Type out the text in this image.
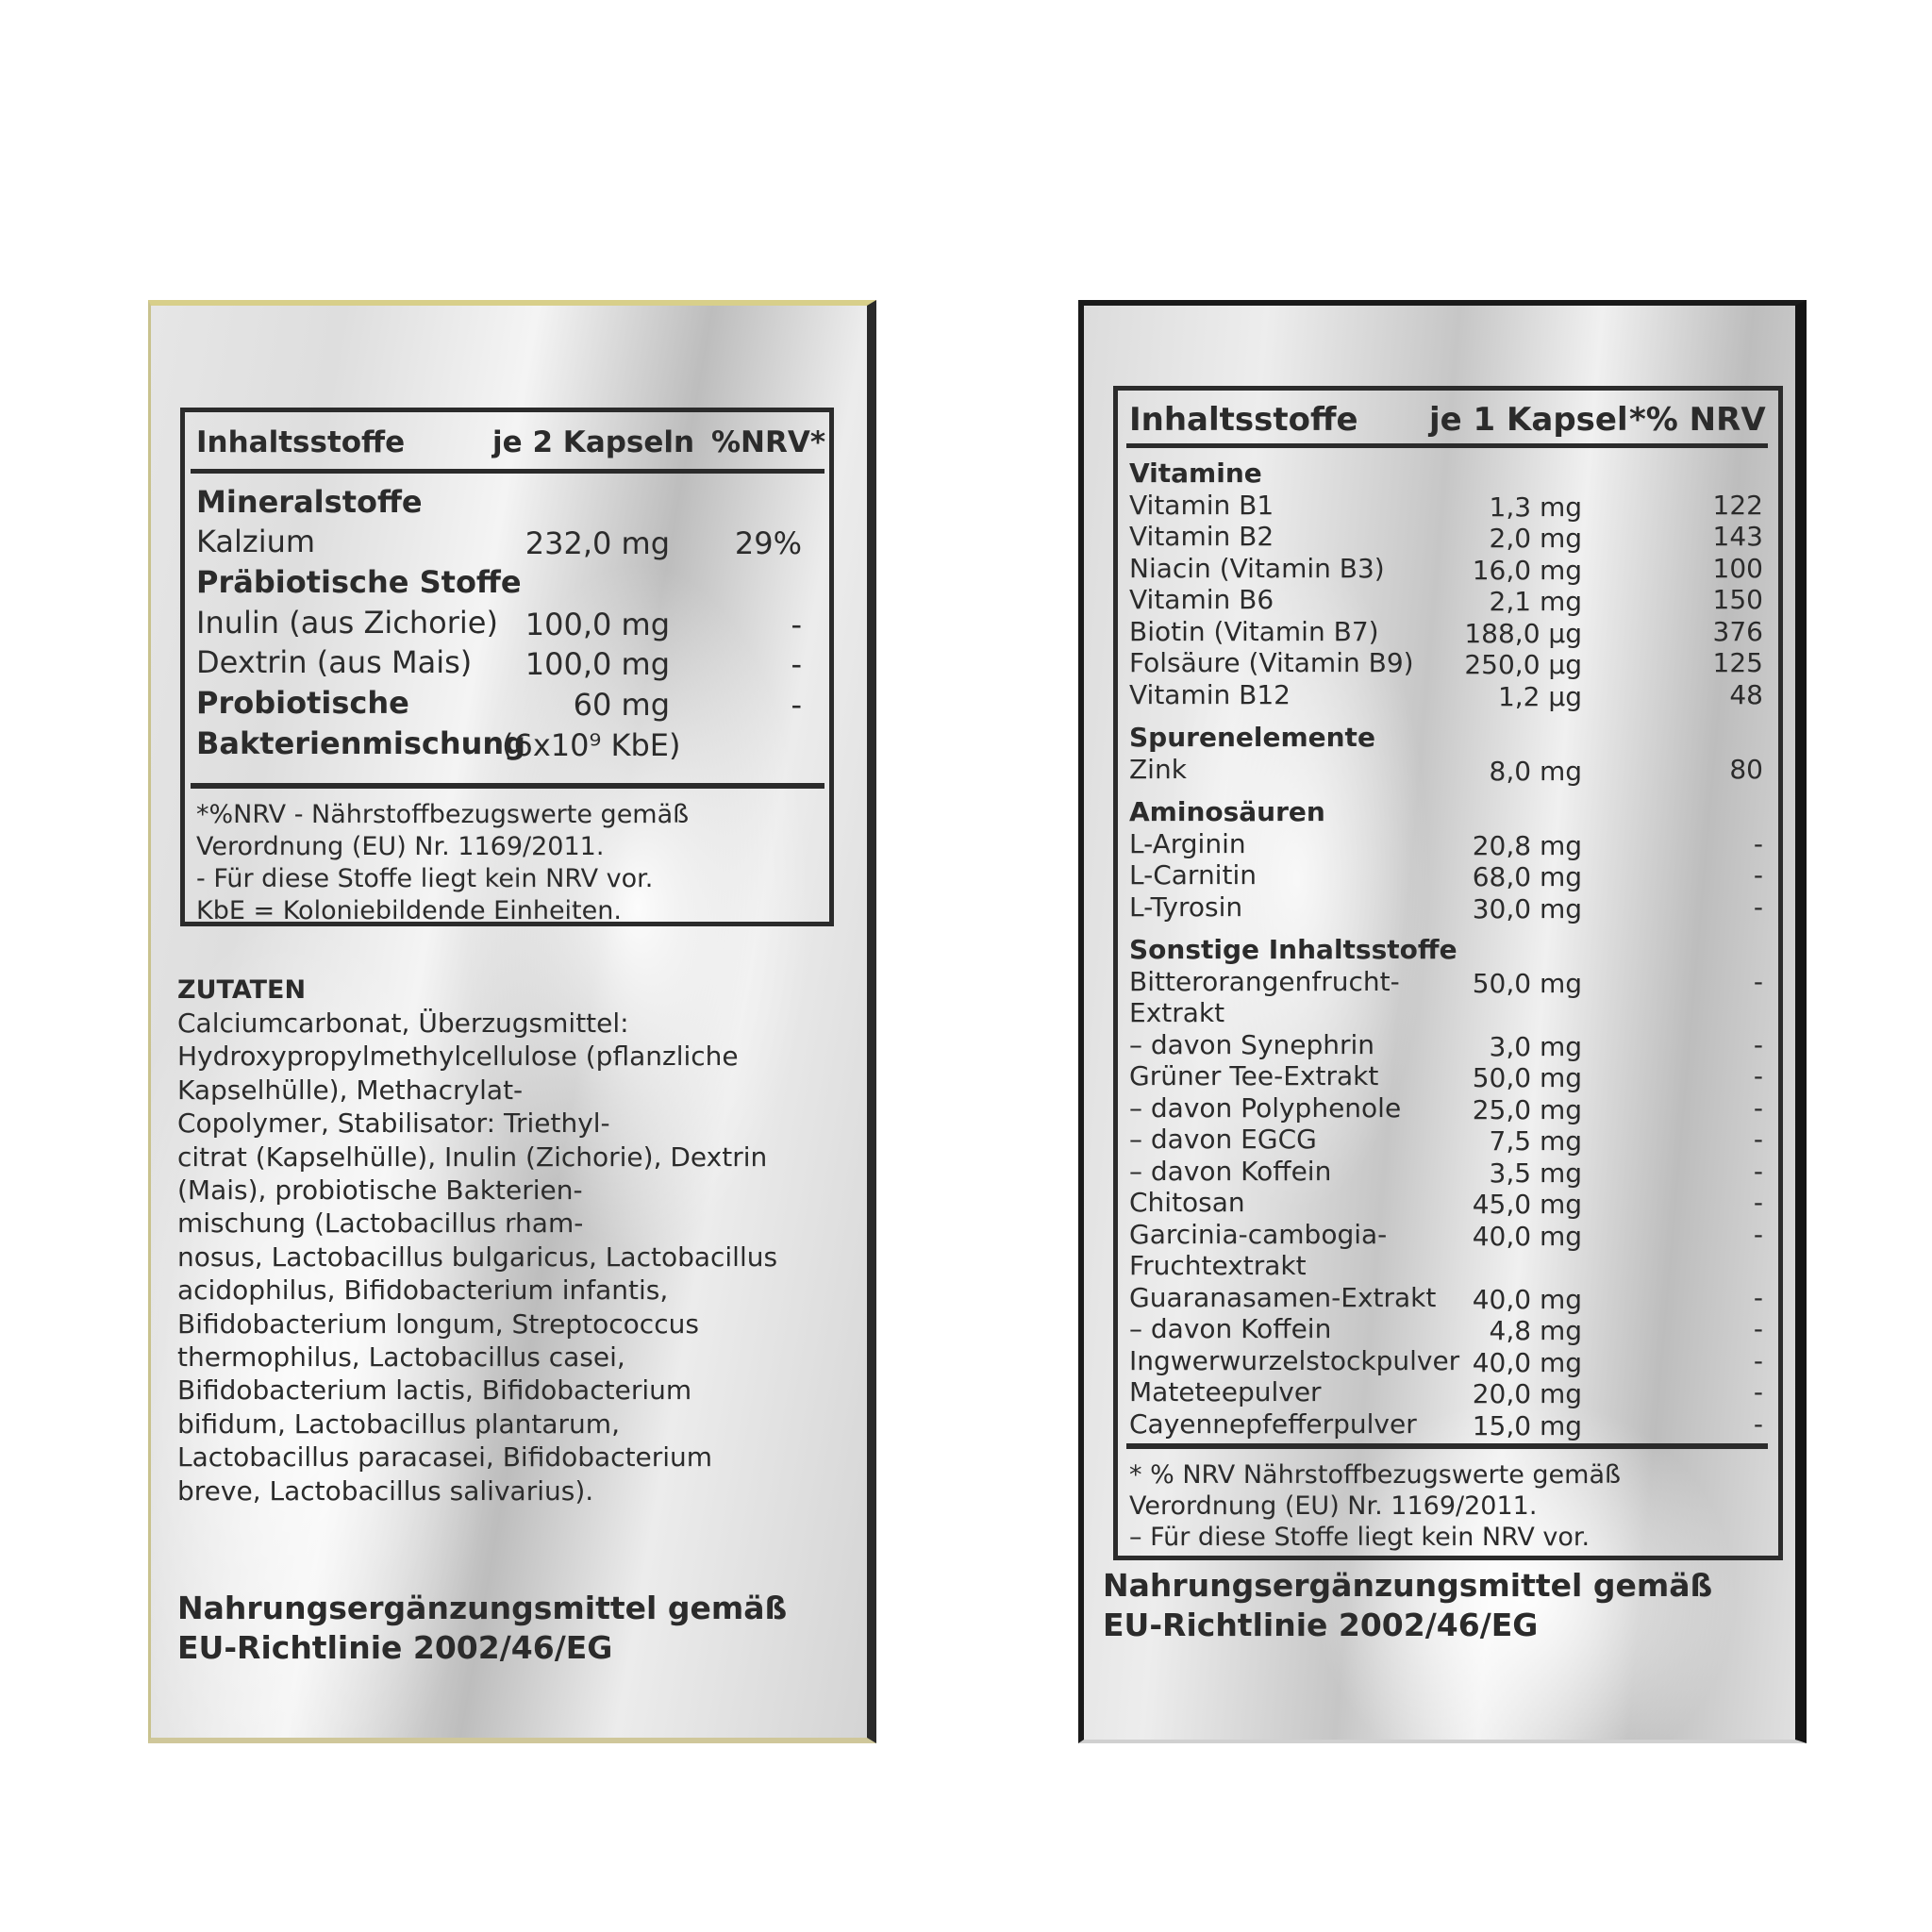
Inhaltsstoffe	je 2 Kapseln %NRV*
Mineralstoffe
Kalzium	232,0 mg	29%
Präbiotische Stoffe
Inulin (aus Zichorie) 100,0 mg	-
Dextrin (aus Mais)	100,0 mg	-
Probiotische	60 mg	-
Bakterienmischung
(6x10⁹ KbE)
*%NRV - Nährstoffbezugswerte gemäß
Verordnung (EU) Nr. 1169/2011.
- Für diese Stoffe liegt kein NRV vor.
KbE = Koloniebildende Einheiten.
ZUTATEN
Calciumcarbonat, Überzugsmittel:
Hydroxypropylmethylcellulose (pflanzliche
Kapselhülle), Methacrylat-
Copolymer, Stabilisator: Triethyl-
citrat (Kapselhülle), Inulin (Zichorie), Dextrin
(Mais), probiotische Bakterien-
mischung (Lactobacillus rham-
nosus, Lactobacillus bulgaricus, Lactobacillus
acidophilus, Bifidobacterium infantis,
Bifidobacterium longum, Streptococcus
thermophilus, Lactobacillus casei,
Bifidobacterium lactis, Bifidobacterium
bifidum, Lactobacillus plantarum,
Lactobacillus paracasei, Bifidobacterium
breve, Lactobacillus salivarius).
Nahrungsergänzungsmittel gemäß
EU-Richtlinie 2002/46/EG
Inhaltsstoffe je 1 Kapsel *% NRV
Vitamine
Vitamin B1	1,3 mg	122
Vitamin B2	2,0 mg	143
Niacin (Vitamin B3)	16,0 mg	100
Vitamin B6	2,1 mg	150
Biotin (Vitamin B7)	188,0 µg	376
Folsäure (Vitamin B9)	250,0 µg	125
Vitamin B12	1,2 µg	48
Spurenelemente
Zink	8,0 mg	80
Aminosäuren
L-Arginin	20,8 mg	-
L-Carnitin	68,0 mg	-
L-Tyrosin	30,0 mg	-
Sonstige Inhaltsstoffe
Bitterorangenfrucht-	50,0 mg	-
Extrakt
– davon Synephrin	3,0 mg	-
Grüner Tee-Extrakt	50,0 mg	-
– davon Polyphenole	25,0 mg	-
– davon EGCG	7,5 mg	-
– davon Koffein	3,5 mg	-
Chitosan	45,0 mg	-
Garcinia-cambogia-	40,0 mg	-
Fruchtextrakt
Guaranasamen-Extrakt	40,0 mg	-
– davon Koffein	4,8 mg	-
Ingwerwurzelstockpulver 40,0 mg	-
Mateteepulver	20,0 mg	-
Cayennepfefferpulver	15,0 mg	-
* % NRV Nährstoffbezugswerte gemäß
Verordnung (EU) Nr. 1169/2011.
– Für diese Stoffe liegt kein NRV vor.
Nahrungsergänzungsmittel gemäß
EU-Richtlinie 2002/46/EG
